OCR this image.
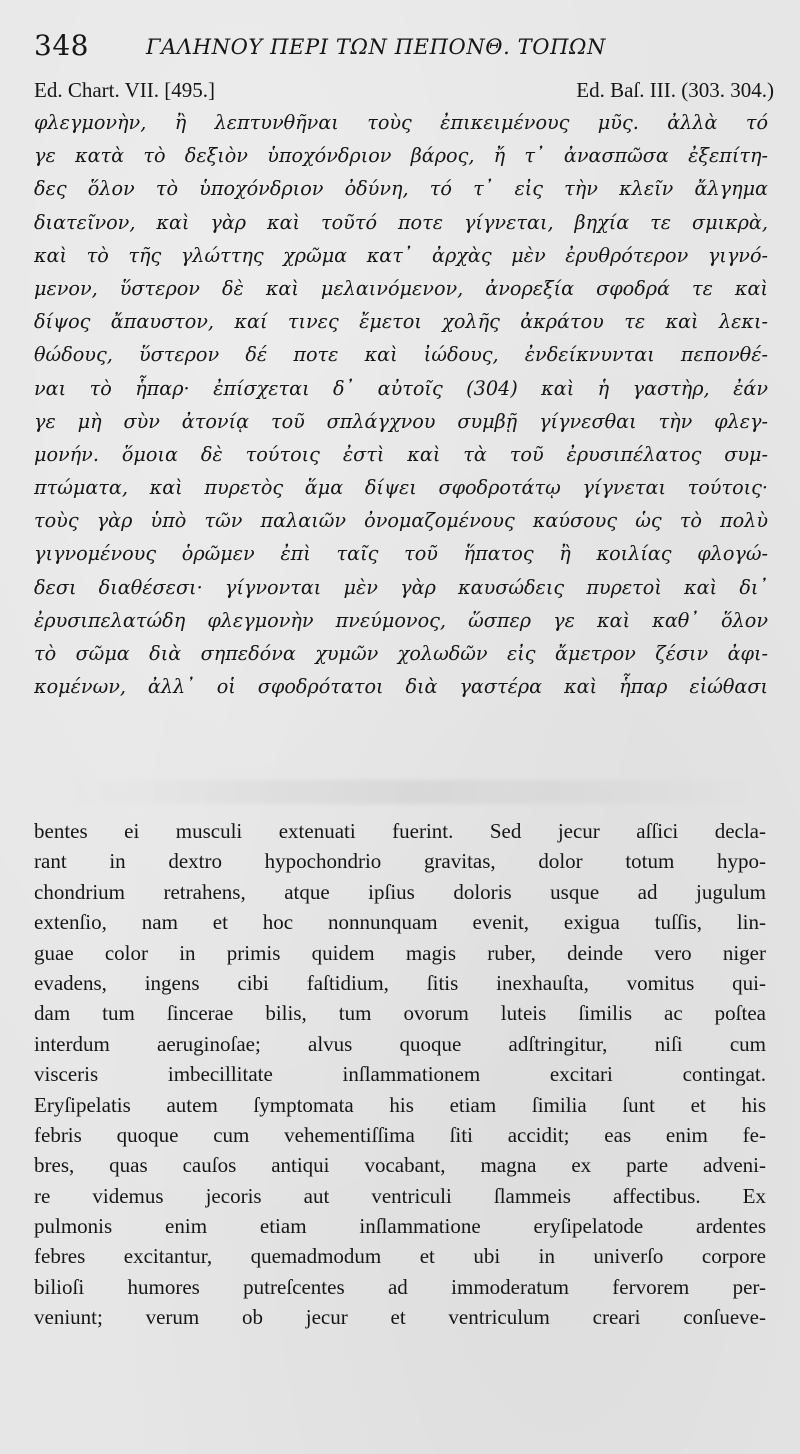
348	ΓΑΛΗΝΟΥ ΠΕΡΙ ΤΩΝ ΠΕΠΟΝΘ. ΤΟΠΩΝ
Ed. Chart. VII. [495.]	Ed. Baſ. III. (303. 304.)
φλεγμονὴν, ἢ λεπτυνθῆναι τοὺς ἐπικειμένους μῦς. ἀλλὰ τό
γε κατὰ τὸ δεξιὸν ὑποχόνδριον βάρος, ἤ τ᾽ ἀνασπῶσα ἐξεπίτη-
δες ὅλον τὸ ὑποχόνδριον ὀδύνη, τό τ᾽ εἰς τὴν κλεῖν ἄλγημα
διατεῖνον, καὶ γὰρ καὶ τοῦτό ποτε γίγνεται, βηχία τε σμικρὰ,
καὶ τὸ τῆς γλώττης χρῶμα κατ᾽ ἀρχὰς μὲν ἐρυθρότερον γιγνό-
μενον, ὕστερον δὲ καὶ μελαινόμενον, ἀνορεξία σφοδρά τε καὶ
δίψος ἄπαυστον, καί τινες ἔμετοι χολῆς ἀκράτου τε καὶ λεκι-
θώδους, ὕστερον δέ ποτε καὶ ἰώδους, ἐνδείκνυνται πεπονθέ-
ναι τὸ ἧπαρ· ἐπίσχεται δ᾽ αὐτοῖς (304) καὶ ἡ γαστὴρ, ἐάν
γε μὴ σὺν ἀτονίᾳ τοῦ σπλάγχνου συμβῇ γίγνεσθαι τὴν φλεγ-
μονήν. ὅμοια δὲ τούτοις ἐστὶ καὶ τὰ τοῦ ἐρυσιπέλατος συμ-
πτώματα, καὶ πυρετὸς ἅμα δίψει σφοδροτάτῳ γίγνεται τούτοις·
τοὺς γὰρ ὑπὸ τῶν παλαιῶν ὀνομαζομένους καύσους ὡς τὸ πολὺ
γιγνομένους ὁρῶμεν ἐπὶ ταῖς τοῦ ἥπατος ἢ κοιλίας φλογώ-
δεσι διαθέσεσι· γίγνονται μὲν γὰρ καυσώδεις πυρετοὶ καὶ δι᾽
ἐρυσιπελατώδη φλεγμονὴν πνεύμονος, ὥσπερ γε καὶ καθ᾽ ὅλον
τὸ σῶμα διὰ σηπεδόνα χυμῶν χολωδῶν εἰς ἄμετρον ζέσιν ἀφι-
κομένων, ἀλλ᾽ οἱ σφοδρότατοι διὰ γαστέρα καὶ ἧπαρ εἰώθασι
bentes ei musculi extenuati fuerint. Sed jecur aſſici decla-
rant in dextro hypochondrio gravitas, dolor totum hypo-
chondrium retrahens, atque ipſius doloris usque ad jugulum
extenſio, nam et hoc nonnunquam evenit, exigua tuſſis, lin-
guae color in primis quidem magis ruber, deinde vero niger
evadens, ingens cibi faſtidium, ſitis inexhauſta, vomitus qui-
dam tum ſincerae bilis, tum ovorum luteis ſimilis ac poſtea
interdum aeruginoſae; alvus quoque adſtringitur, niſi cum
visceris imbecillitate inſlammationem excitari contingat.
Eryſipelatis autem ſymptomata his etiam ſimilia ſunt et his
febris quoque cum vehementiſſima ſiti accidit; eas enim fe-
bres, quas cauſos antiqui vocabant, magna ex parte adveni-
re videmus jecoris aut ventriculi ſlammeis affectibus. Ex
pulmonis enim etiam inſlammatione eryſipelatode ardentes
febres excitantur, quemadmodum et ubi in univerſo corpore
bilioſi humores putreſcentes ad immoderatum fervorem per-
veniunt; verum ob jecur et ventriculum creari conſueve-
